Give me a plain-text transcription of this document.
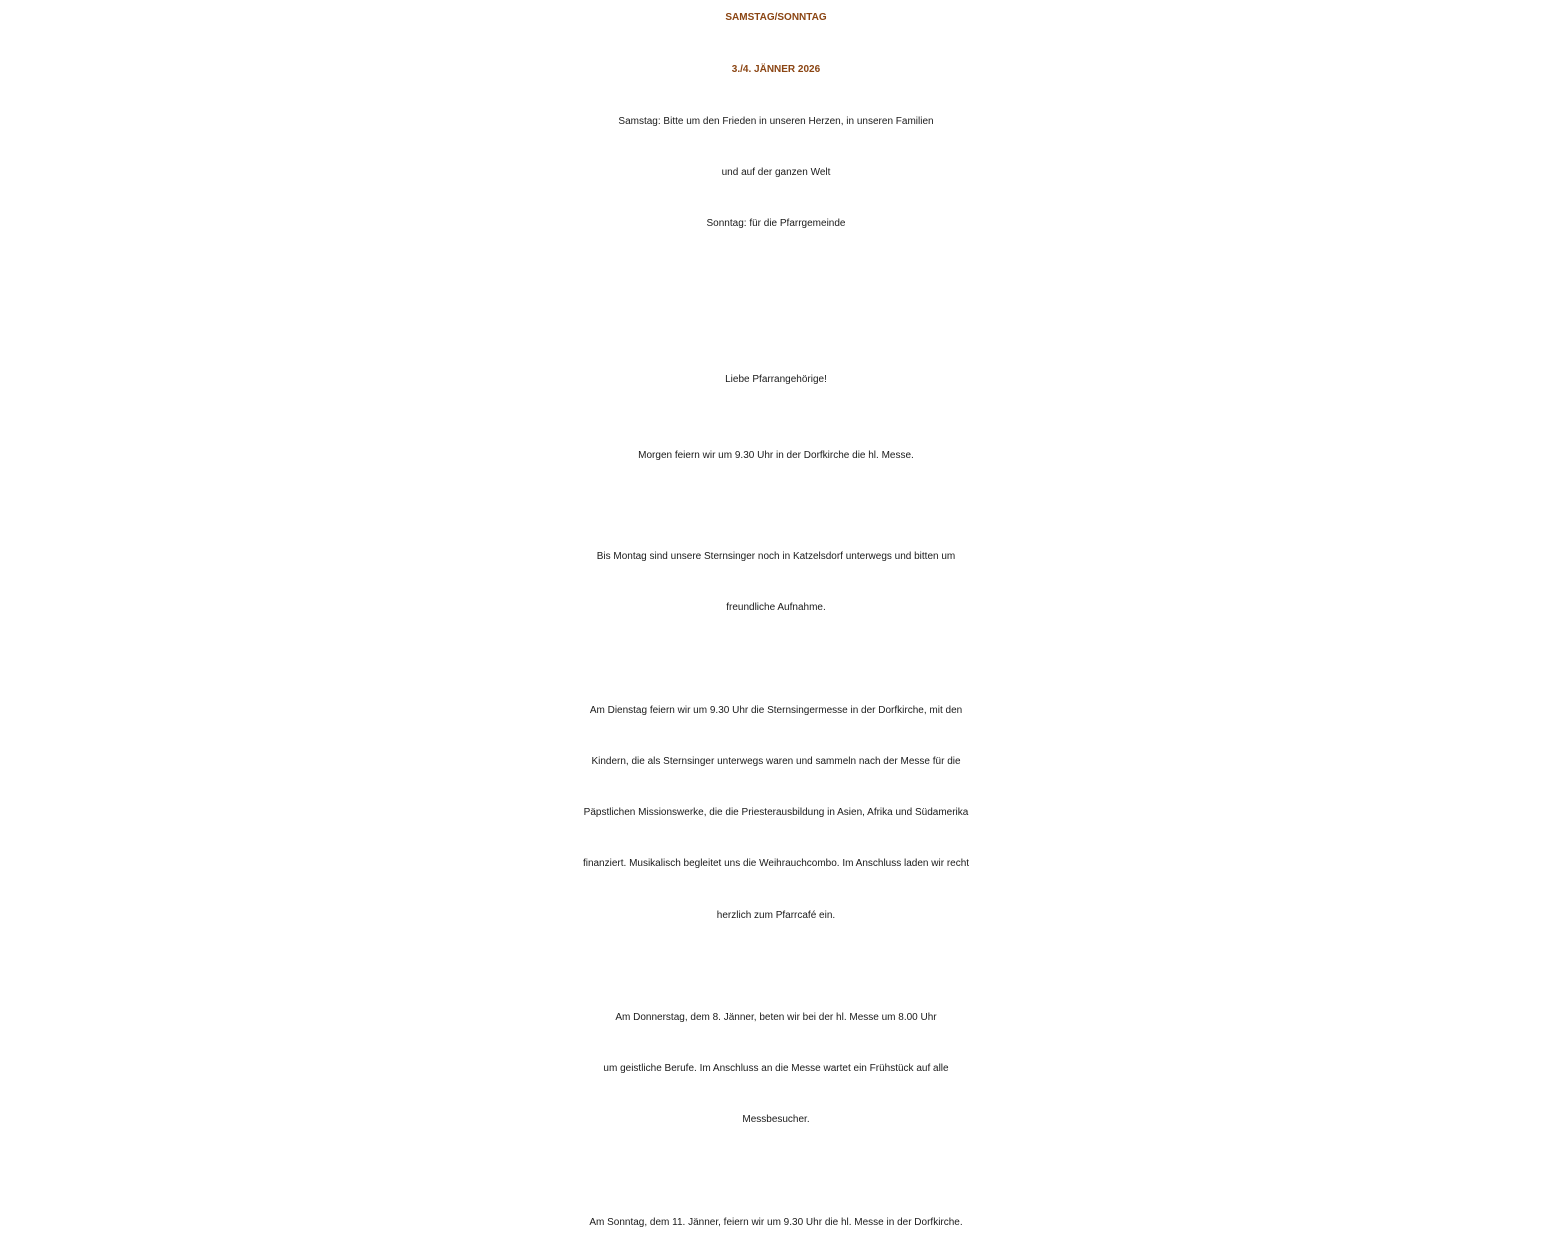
SAMSTAG/SONNTAG

3./4. JÄNNER 2026

Samstag: Bitte um den Frieden in unseren Herzen, in unseren Familien

und auf der ganzen Welt

Sonntag: für die Pfarrgemeinde

Liebe Pfarrangehörige!

Morgen feiern wir um 9.30 Uhr in der Dorfkirche die hl. Messe.

Bis Montag sind unsere Sternsinger noch in Katzelsdorf unterwegs und bitten um

freundliche Aufnahme.

Am Dienstag feiern wir um 9.30 Uhr die Sternsingermesse in der Dorfkirche, mit den

Kindern, die als Sternsinger unterwegs waren und sammeln nach der Messe für die

Päpstlichen Missionswerke, die die Priesterausbildung in Asien, Afrika und Südamerika

finanziert. Musikalisch begleitet uns die Weihrauchcombo. Im Anschluss laden wir recht

herzlich zum Pfarrcafé ein.

Am Donnerstag, dem 8. Jänner, beten wir bei der hl. Messe um 8.00 Uhr

um geistliche Berufe. Im Anschluss an die Messe wartet ein Frühstück auf alle

Messbesucher.

Am Sonntag, dem 11. Jänner, feiern wir um 9.30 Uhr die hl. Messe in der Dorfkirche.
